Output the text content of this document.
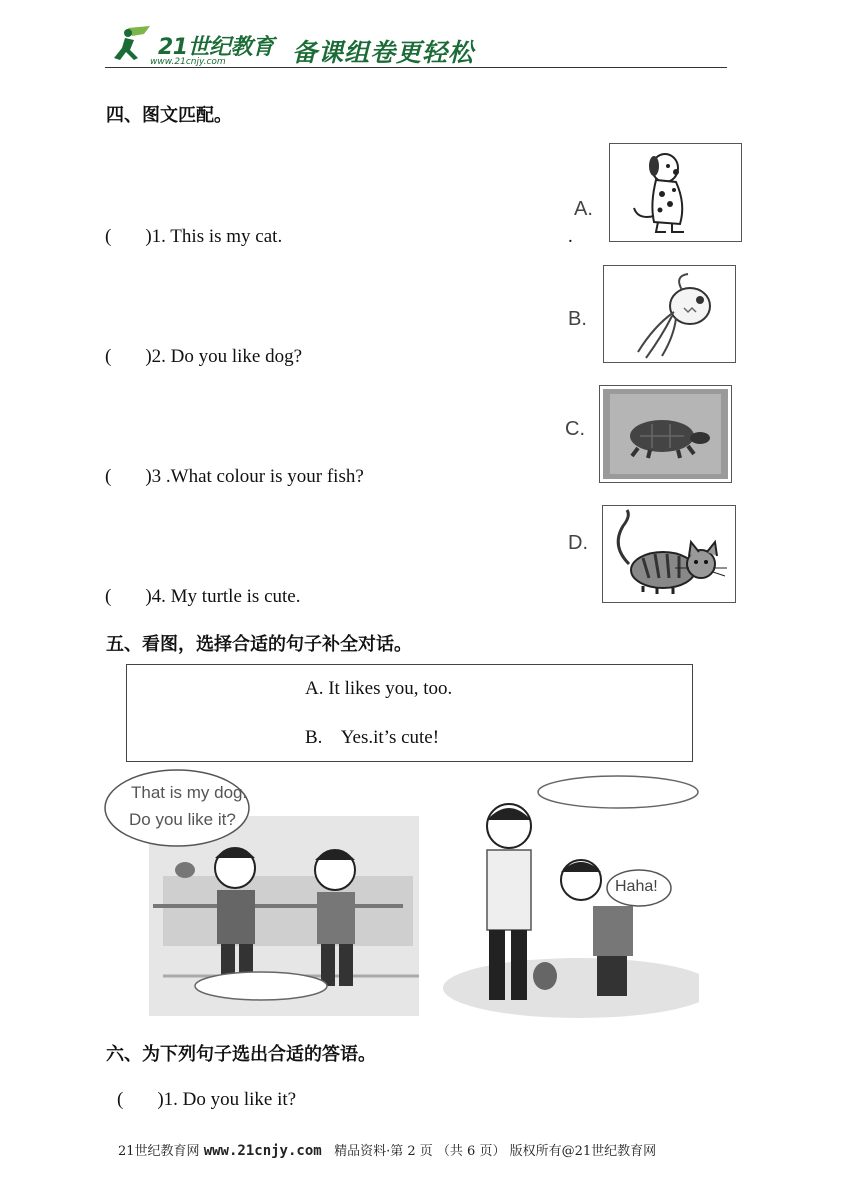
21世纪教育
www.21cnjy.com	备课组卷更轻松
四、图文匹配。
( )1. This is my cat.
( )2. Do you like dog?
( )3 .What colour is your fish?
( )4. My turtle is cute.
.
A.
B.
C.
D.
五、看图，选择合适的句子补全对话。
A. It likes you, too.
B.    Yes.it’s cute!
That is my dog.
Do you like it?
Haha!
六、为下列句子选出合适的答语。
( )1. Do you like it?
21世纪教育网 www.21cnjy.com 精品资料·第 2 页 （共 6 页） 版权所有@21世纪教育网
